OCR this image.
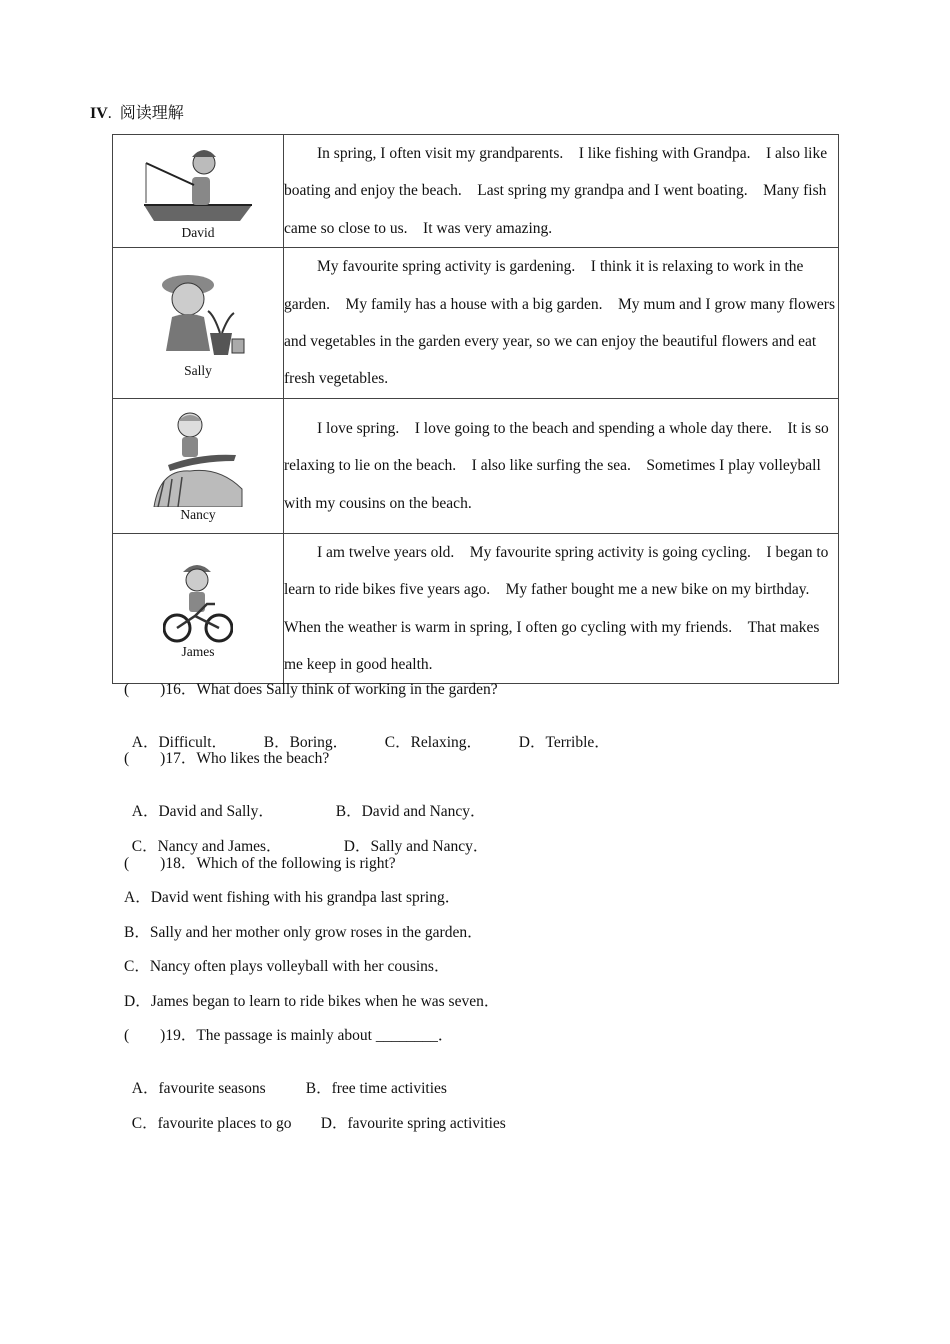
IV. 阅读理解
David	In spring, I often visit my grandparents.　I like fishing with Grandpa.　I also like boating and enjoy the beach.　Last spring my grandpa and I went boating.　Many fish came so close to us.　It was very amazing.

Sally	My favourite spring activity is gardening.　I think it is relaxing to work in the garden.　My family has a house with a big garden.　My mum and I grow many flowers and vegetables in the garden every year, so we can enjoy the beautiful flowers and eat fresh vegetables.

Nancy	I love spring.　I love going to the beach and spending a whole day there.　It is so relaxing to lie on the beach.　I also like surfing the sea.　Sometimes I play volleyball with my cousins on the beach.

James	I am twelve years old.　My favourite spring activity is going cycling.　I began to learn to ride bikes five years ago.　My father bought me a new bike on my birthday.　When the weather is warm in spring, I often go cycling with my friends.　That makes me keep in good health.
(　　)16．What does Sally think of working in the garden?

A．Difficult． B．Boring． C．Relaxing． D．Terrible．

(　　)17．Who likes the beach?

A．David and Sally．	B．David and Nancy．

C．Nancy and James．	D．Sally and Nancy．

(　　)18．Which of the following is right?
A．David went fishing with his grandpa last spring．
B．Sally and her mother only grow roses in the garden．
C．Nancy often plays volleyball with her cousins．
D．James began to learn to ride bikes when he was seven．
(　　)19．The passage is mainly about ________．

A．favourite seasons	B．free time activities

C．favourite places to go D．favourite spring activities
